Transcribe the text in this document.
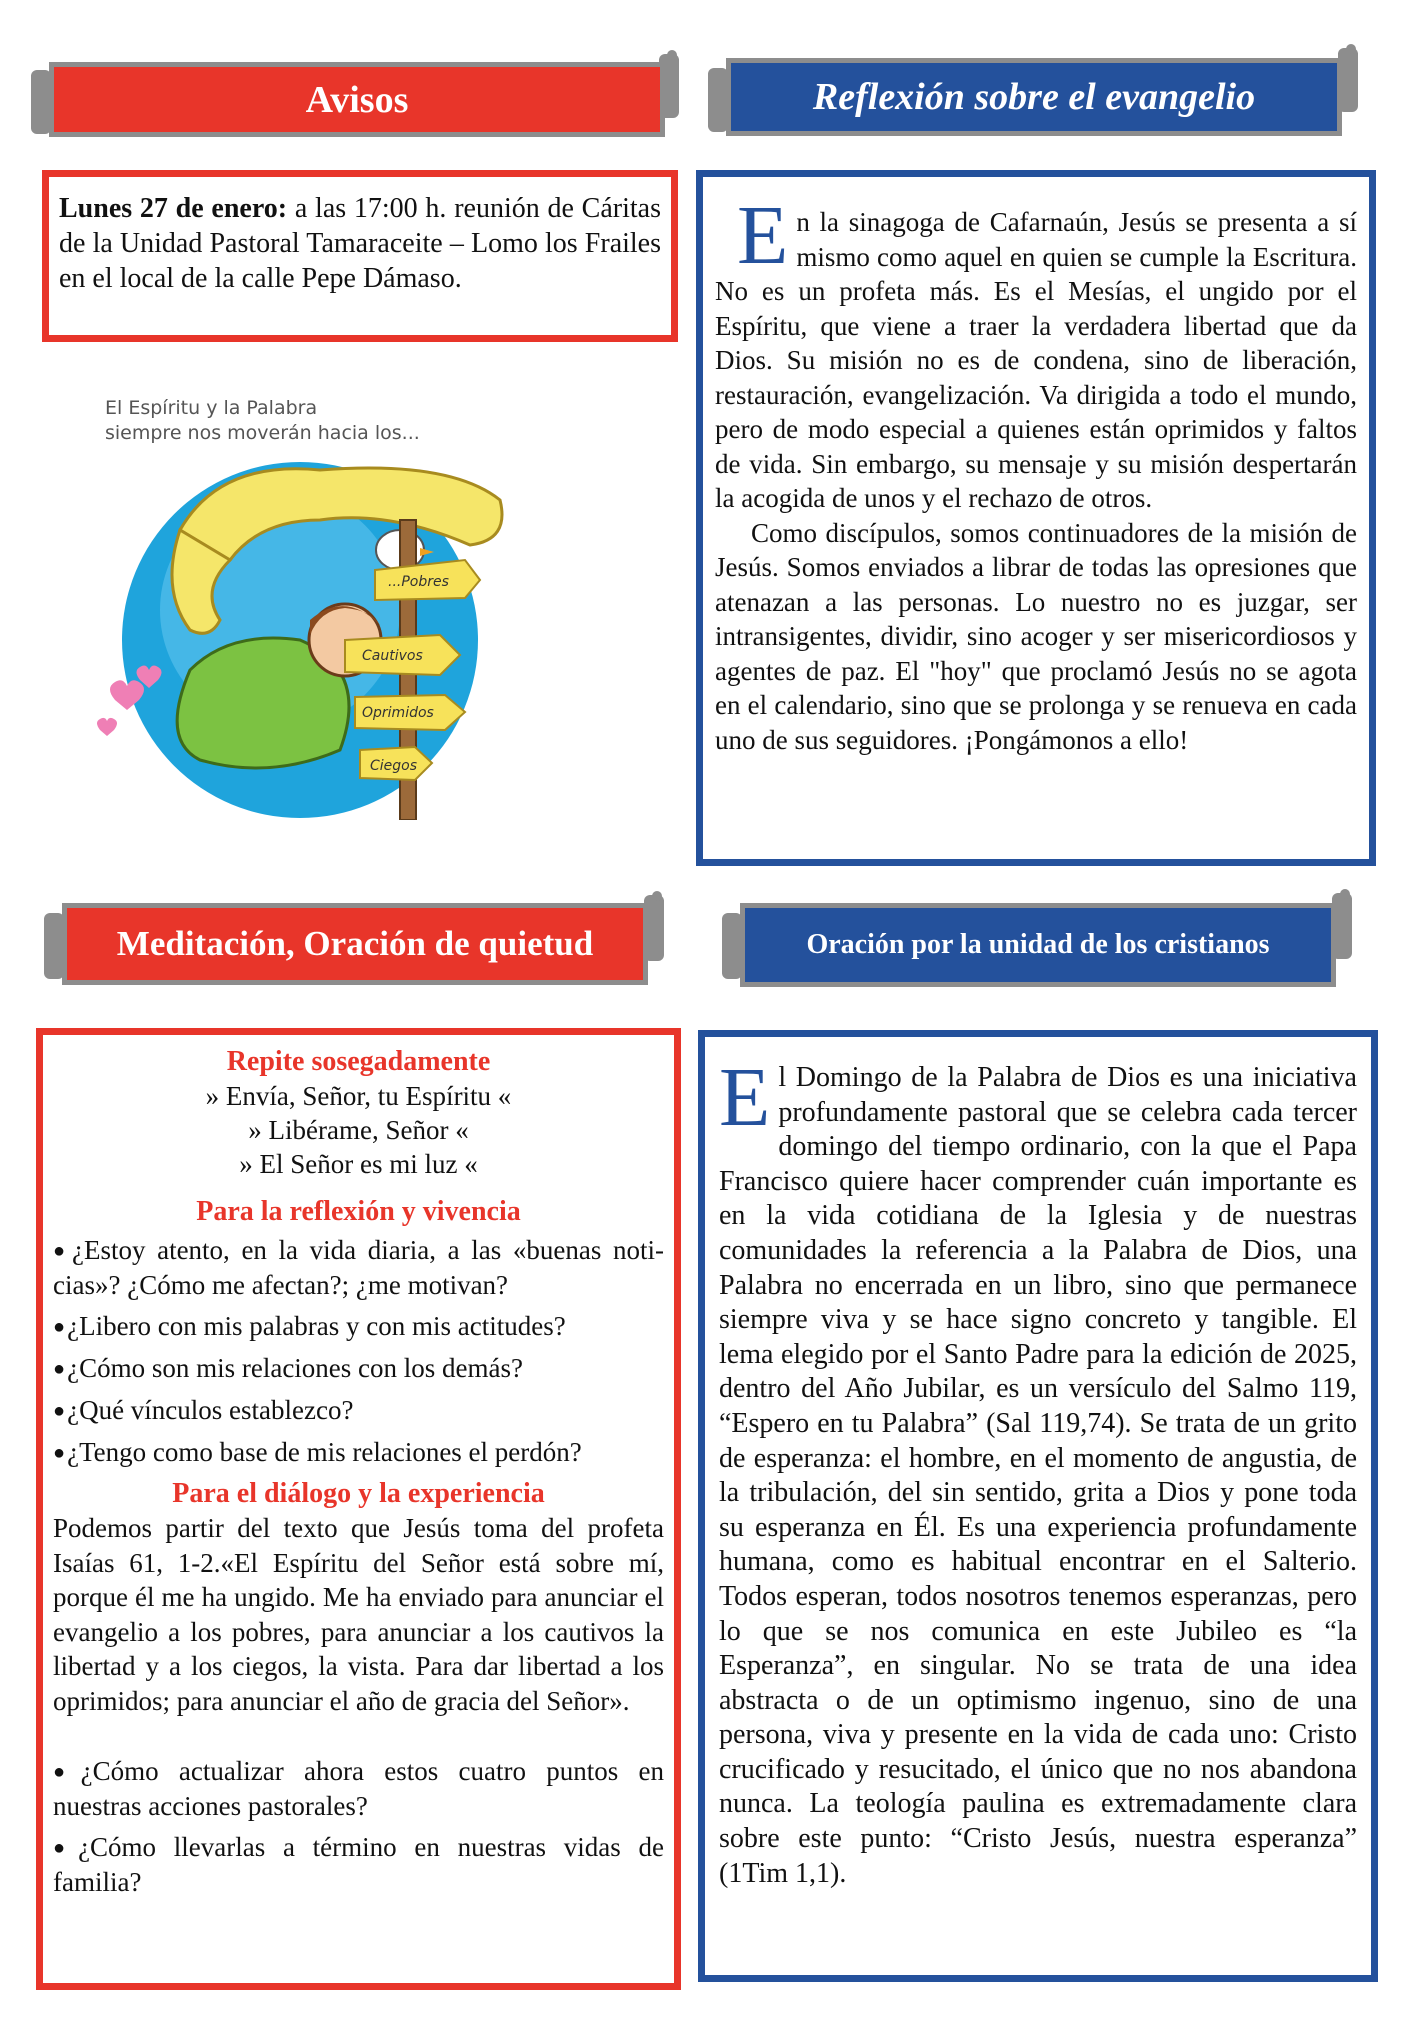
Avisos

Lunes 27 de enero: a las 17:00 h. reunión de Cáritas de la Unidad Pastoral Tamaraceite – Lomo los Frailes en el local de la calle Pepe Dámaso.

El Espíritu y la Palabra
siempre nos moverán hacia los...
...Pobres
Cautivos
Oprimidos
Ciegos
Reflexión sobre el evangelio
E n la sinagoga de Cafarnaún, Jesús se presenta a sí mismo como aquel en quien se cumple la Escritura. No es un profeta más. Es el Mesías, el ungido por el Espíritu, que viene a traer la verdadera libertad que da Dios. Su misión no es de condena, sino de liberación, restauración, evangelización. Va dirigida a todo el mundo, pero de modo especial a quienes están oprimidos y faltos de vida. Sin embargo, su mensaje y su misión despertarán la acogida de unos y el rechazo de otros.

Como discípulos, somos continuadores de la misión de Jesús. Somos enviados a librar de todas las opresiones que atenazan a las personas. Lo nuestro no es juzgar, ser intransigentes, dividir, sino acoger y ser misericordiosos y agentes de paz. El "hoy" que proclamó Jesús no se agota en el calendario, sino que se prolonga y se renueva en cada uno de sus seguidores. ¡Pongámonos a ello!

Meditación, Oración de quietud

Repite sosegadamente

» Envía, Señor, tu Espíritu «

» Libérame, Señor «

» El Señor es mi luz «

Para la reflexión y vivencia

●¿Estoy atento, en la vida diaria, a las «buenas noticias»? ¿Cómo me afectan?; ¿me motivan?

●¿Libero con mis palabras y con mis actitudes?

●¿Cómo son mis relaciones con los demás?

●¿Qué vínculos establezco?

●¿Tengo como base de mis relaciones el perdón?

Para el diálogo y la experiencia

Podemos partir del texto que Jesús toma del profeta Isaías 61, 1-2.«El Espíritu del Señor está sobre mí, porque él me ha ungido. Me ha enviado para anunciar el evangelio a los pobres, para anunciar a los cautivos la libertad y a los ciegos, la vista. Para dar libertad a los oprimidos; para anunciar el año de gracia del Señor».

●¿Cómo actualizar ahora estos cuatro puntos en nuestras acciones pastorales?

●¿Cómo llevarlas a término en nuestras vidas de familia?

Oración por la unidad de los cristianos
E l Domingo de la Palabra de Dios es una iniciativa profundamente pastoral que se celebra cada tercer domingo del tiempo ordinario, con la que el Papa Francisco quiere hacer comprender cuán importante es en la vida cotidiana de la Iglesia y de nuestras comunidades la referencia a la Palabra de Dios, una Palabra no encerrada en un libro, sino que permanece siempre viva y se hace signo concreto y tangible. El lema elegido por el Santo Padre para la edición de 2025, dentro del Año Jubilar, es un versículo del Salmo 119, “Espero en tu Palabra” (Sal 119,74). Se trata de un grito de esperanza: el hombre, en el momento de angustia, de la tribulación, del sin sentido, grita a Dios y pone toda su esperanza en Él. Es una experiencia profundamente humana, como es habitual encontrar en el Salterio. Todos esperan, todos nosotros tenemos esperanzas, pero lo que se nos comunica en este Jubileo es “la Esperanza”, en singular. No se trata de una idea abstracta o de un optimismo ingenuo, sino de una persona, viva y presente en la vida de cada uno: Cristo crucificado y resucitado, el único que no nos abandona nunca. La teología paulina es extremadamente clara sobre este punto: “Cristo Jesús, nuestra esperanza” (1Tim 1,1).
